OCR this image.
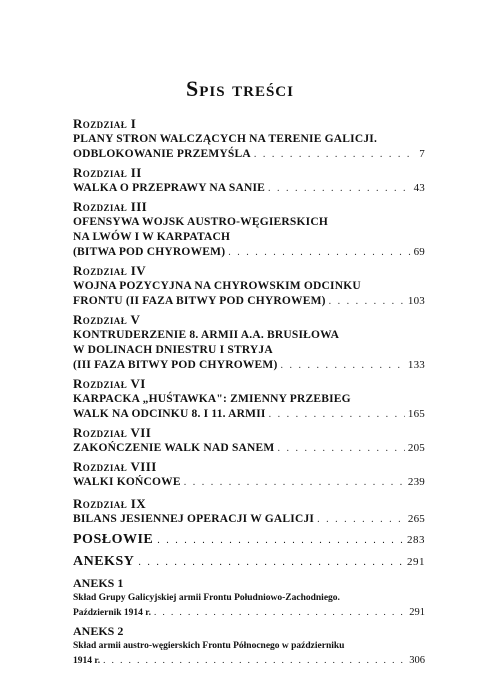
Spis treści
Rozdział I
PLANY STRON WALCZĄCYCH NA TERENIE GALICJI.
ODBLOKOWANIE PRZEMYŚLA . . .	7
Rozdział II
WALKA O PRZEPRAWY NA SANIE . . .	43
Rozdział III
OFENSYWA WOJSK AUSTRO-WĘGIERSKICH
NA LWÓW I W KARPATACH
(BITWA POD CHYROWEM) . . .	69
Rozdział IV
WOJNA POZYCYJNA NA CHYROWSKIM ODCINKU
FRONTU (II FAZA BITWY POD CHYROWEM) . . .	103
Rozdział V
KONTRUDERZENIE 8. ARMII A.A. BRUSIŁOWA
W DOLINACH DNIESTRU I STRYJA
(III FAZA BITWY POD CHYROWEM) . . .	133
Rozdział VI
KARPACKA „HUŚTAWKA": ZMIENNY PRZEBIEG
WALK NA ODCINKU 8. I 11. ARMII . . .	165
Rozdział VII
ZAKOŃCZENIE WALK NAD SANEM . . .	205
Rozdział VIII
WALKI KOŃCOWE . . .	239
Rozdział IX
BILANS JESIENNEJ OPERACJI W GALICJI . . .	265
POSŁOWIE . . .	283
ANEKSY . . .	291
ANEKS 1
Skład Grupy Galicyjskiej armii Frontu Południowo-Zachodniego.
Październik 1914 r. . . .	291
ANEKS 2
Skład armii austro-węgierskich Frontu Północnego w październiku
1914 r. . . .	306
